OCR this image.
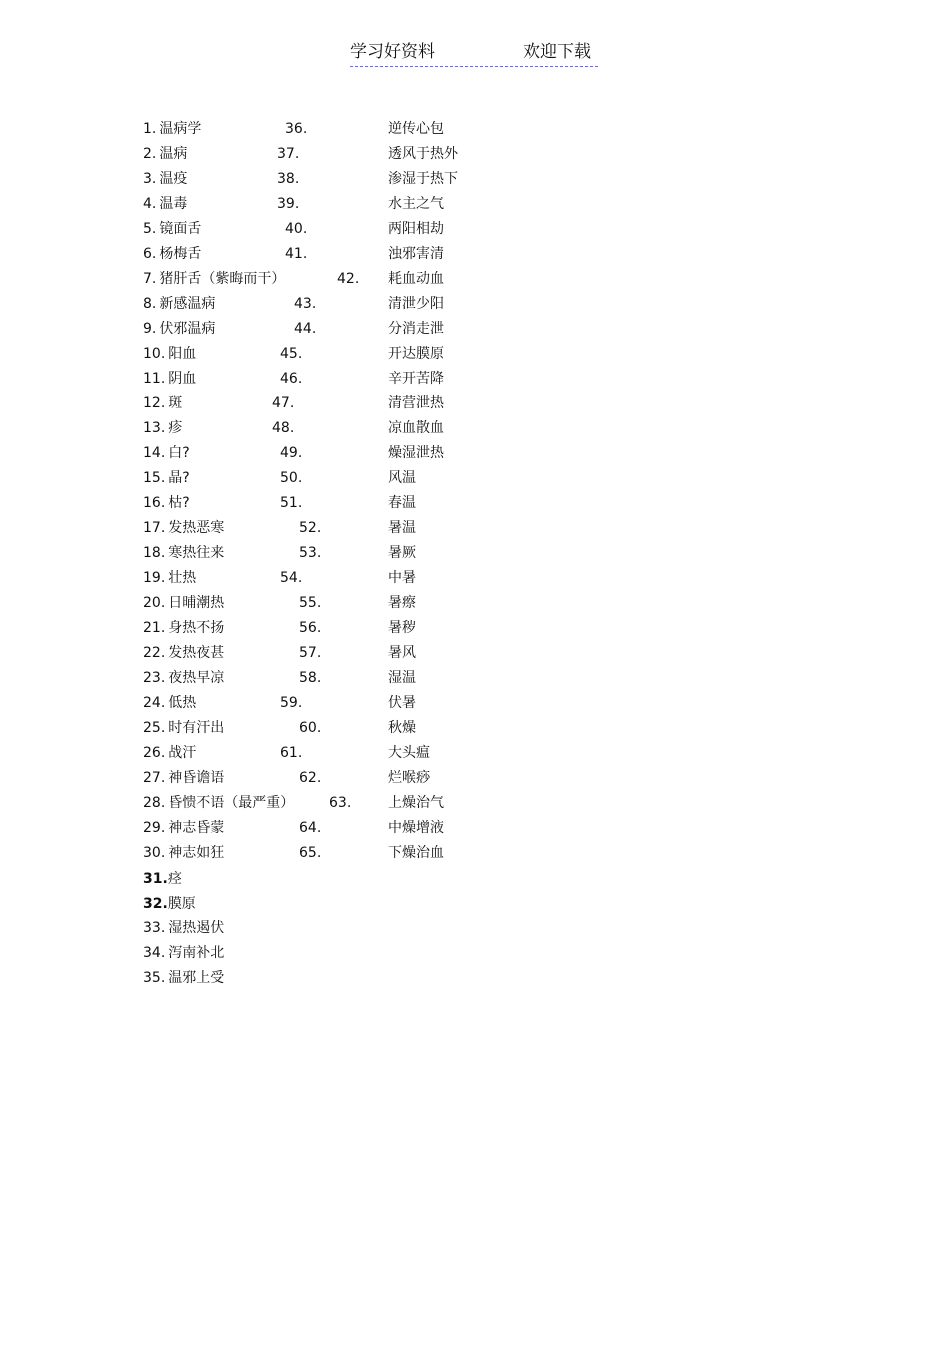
学习好资料	欢迎下载
1. 温病学
2. 温病
3. 温疫
4. 温毒
5. 镜面舌
6. 杨梅舌
7. 猪肝舌（紫晦而干）
8. 新感温病
9. 伏邪温病
10. 阳血
11. 阴血
12. 斑
13. 疹
14. 白?
15. 晶?
16. 枯?
17. 发热恶寒
18. 寒热往来
19. 壮热
20. 日晡潮热
21. 身热不扬
22. 发热夜甚
23. 夜热早凉
24. 低热
25. 时有汗出
26. 战汗
27. 神昏谵语
28. 昏愦不语（最严重）
29. 神志昏蒙
30. 神志如狂
31.痉
32.膜原
33. 湿热遏伏
34. 泻南补北
35. 温邪上受
36.
37.
38.
39.
40.
41.
42.
43.
44.
45.
46.
47.
48.
49.
50.
51.
52.
53.
54.
55.
56.
57.
58.
59.
60.
61.
62.
63.
64.
65.
逆传心包
透风于热外
渗湿于热下
水主之气
两阳相劫
浊邪害清
耗血动血
清泄少阳
分消走泄
开达膜原
辛开苦降
清营泄热
凉血散血
燥湿泄热
风温
春温
暑温
暑厥
中暑
暑瘵
暑秽
暑风
湿温
伏暑
秋燥
大头瘟
烂喉痧
上燥治气
中燥增液
下燥治血
